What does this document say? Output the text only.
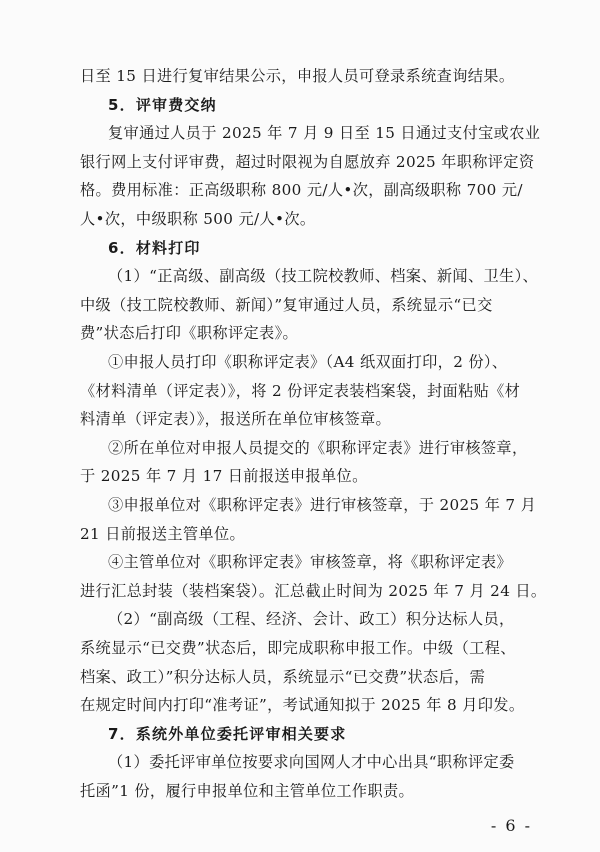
日至 15 日进行复审结果公示，申报人员可登录系统查询结果。
5．评审费交纳
复审通过人员于 2025 年 7 月 9 日至 15 日通过支付宝或农业
银行网上支付评审费，超过时限视为自愿放弃 2025 年职称评定资
格。费用标准：正高级职称 800 元/人•次，副高级职称 700 元/
人•次，中级职称 500 元/人•次。
6．材料打印
（1）“正高级、副高级（技工院校教师、档案、新闻、卫生）、
中级（技工院校教师、新闻）”复审通过人员，系统显示“已交
费”状态后打印《职称评定表》。
①申报人员打印《职称评定表》（A4 纸双面打印，2 份）、
《材料清单（评定表）》，将 2 份评定表装档案袋，封面粘贴《材
料清单（评定表）》，报送所在单位审核签章。
②所在单位对申报人员提交的《职称评定表》进行审核签章，
于 2025 年 7 月 17 日前报送申报单位。
③申报单位对《职称评定表》进行审核签章，于 2025 年 7 月
21 日前报送主管单位。
④主管单位对《职称评定表》审核签章，将《职称评定表》
进行汇总封装（装档案袋）。汇总截止时间为 2025 年 7 月 24 日。
（2）“副高级（工程、经济、会计、政工）积分达标人员，
系统显示“已交费”状态后，即完成职称申报工作。中级（工程、
档案、政工）”积分达标人员，系统显示“已交费”状态后，需
在规定时间内打印“准考证”，考试通知拟于 2025 年 8 月印发。
7．系统外单位委托评审相关要求
（1）委托评审单位按要求向国网人才中心出具“职称评定委
托函”1 份，履行申报单位和主管单位工作职责。
- 6 -
